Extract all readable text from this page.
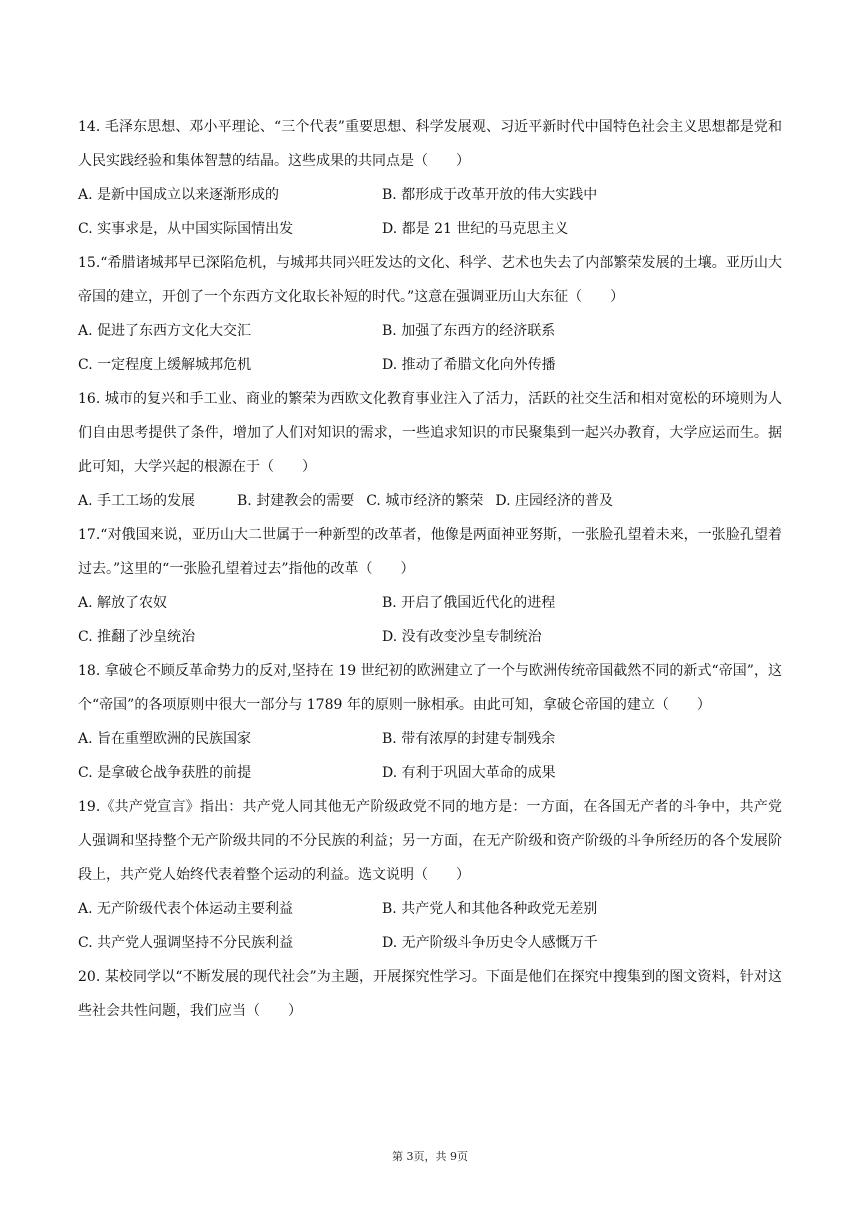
14. 毛泽东思想、邓小平理论、“三个代表”重要思想、科学发展观、习近平新时代中国特色社会主义思想都是党和人民实践经验和集体智慧的结晶。这些成果的共同点是（　　）

A. 是新中国成立以来逐渐形成的	B. 都形成于改革开放的伟大实践中
C. 实事求是，从中国实际国情出发	D. 都是 21 世纪的马克思主义

15.“希腊诸城邦早已深陷危机，与城邦共同兴旺发达的文化、科学、艺术也失去了内部繁荣发展的土壤。亚历山大帝国的建立，开创了一个东西方文化取长补短的时代。”这意在强调亚历山大东征（　　）

A. 促进了东西方文化大交汇	B. 加强了东西方的经济联系
C. 一定程度上缓解城邦危机	D. 推动了希腊文化向外传播

16. 城市的复兴和手工业、商业的繁荣为西欧文化教育事业注入了活力，活跃的社交生活和相对宽松的环境则为人们自由思考提供了条件，增加了人们对知识的需求，一些追求知识的市民聚集到一起兴办教育，大学应运而生。据此可知，大学兴起的根源在于（　　）

A. 手工工场的发展	B. 封建教会的需要 C. 城市经济的繁荣 D. 庄园经济的普及

17.“对俄国来说，亚历山大二世属于一种新型的改革者，他像是两面神亚努斯，一张脸孔望着未来，一张脸孔望着过去。”这里的“一张脸孔望着过去”指他的改革（　　）

A. 解放了农奴	B. 开启了俄国近代化的进程
C. 推翻了沙皇统治	D. 没有改变沙皇专制统治

18. 拿破仑不顾反革命势力的反对,坚持在 19 世纪初的欧洲建立了一个与欧洲传统帝国截然不同的新式“帝国”，这个“帝国”的各项原则中很大一部分与 1789 年的原则一脉相承。由此可知，拿破仑帝国的建立（　　）

A. 旨在重塑欧洲的民族国家	B. 带有浓厚的封建专制残余
C. 是拿破仑战争获胜的前提	D. 有利于巩固大革命的成果

19.《共产党宣言》指出：共产党人同其他无产阶级政党不同的地方是：一方面，在各国无产者的斗争中，共产党人强调和坚持整个无产阶级共同的不分民族的利益；另一方面，在无产阶级和资产阶级的斗争所经历的各个发展阶段上，共产党人始终代表着整个运动的利益。选文说明（　　）

A. 无产阶级代表个体运动主要利益	B. 共产党人和其他各种政党无差别
C. 共产党人强调坚持不分民族利益	D. 无产阶级斗争历史令人感慨万千

20. 某校同学以“不断发展的现代社会”为主题，开展探究性学习。下面是他们在探究中搜集到的图文资料，针对这些社会共性问题，我们应当（　　）

第 3页，共 9页
